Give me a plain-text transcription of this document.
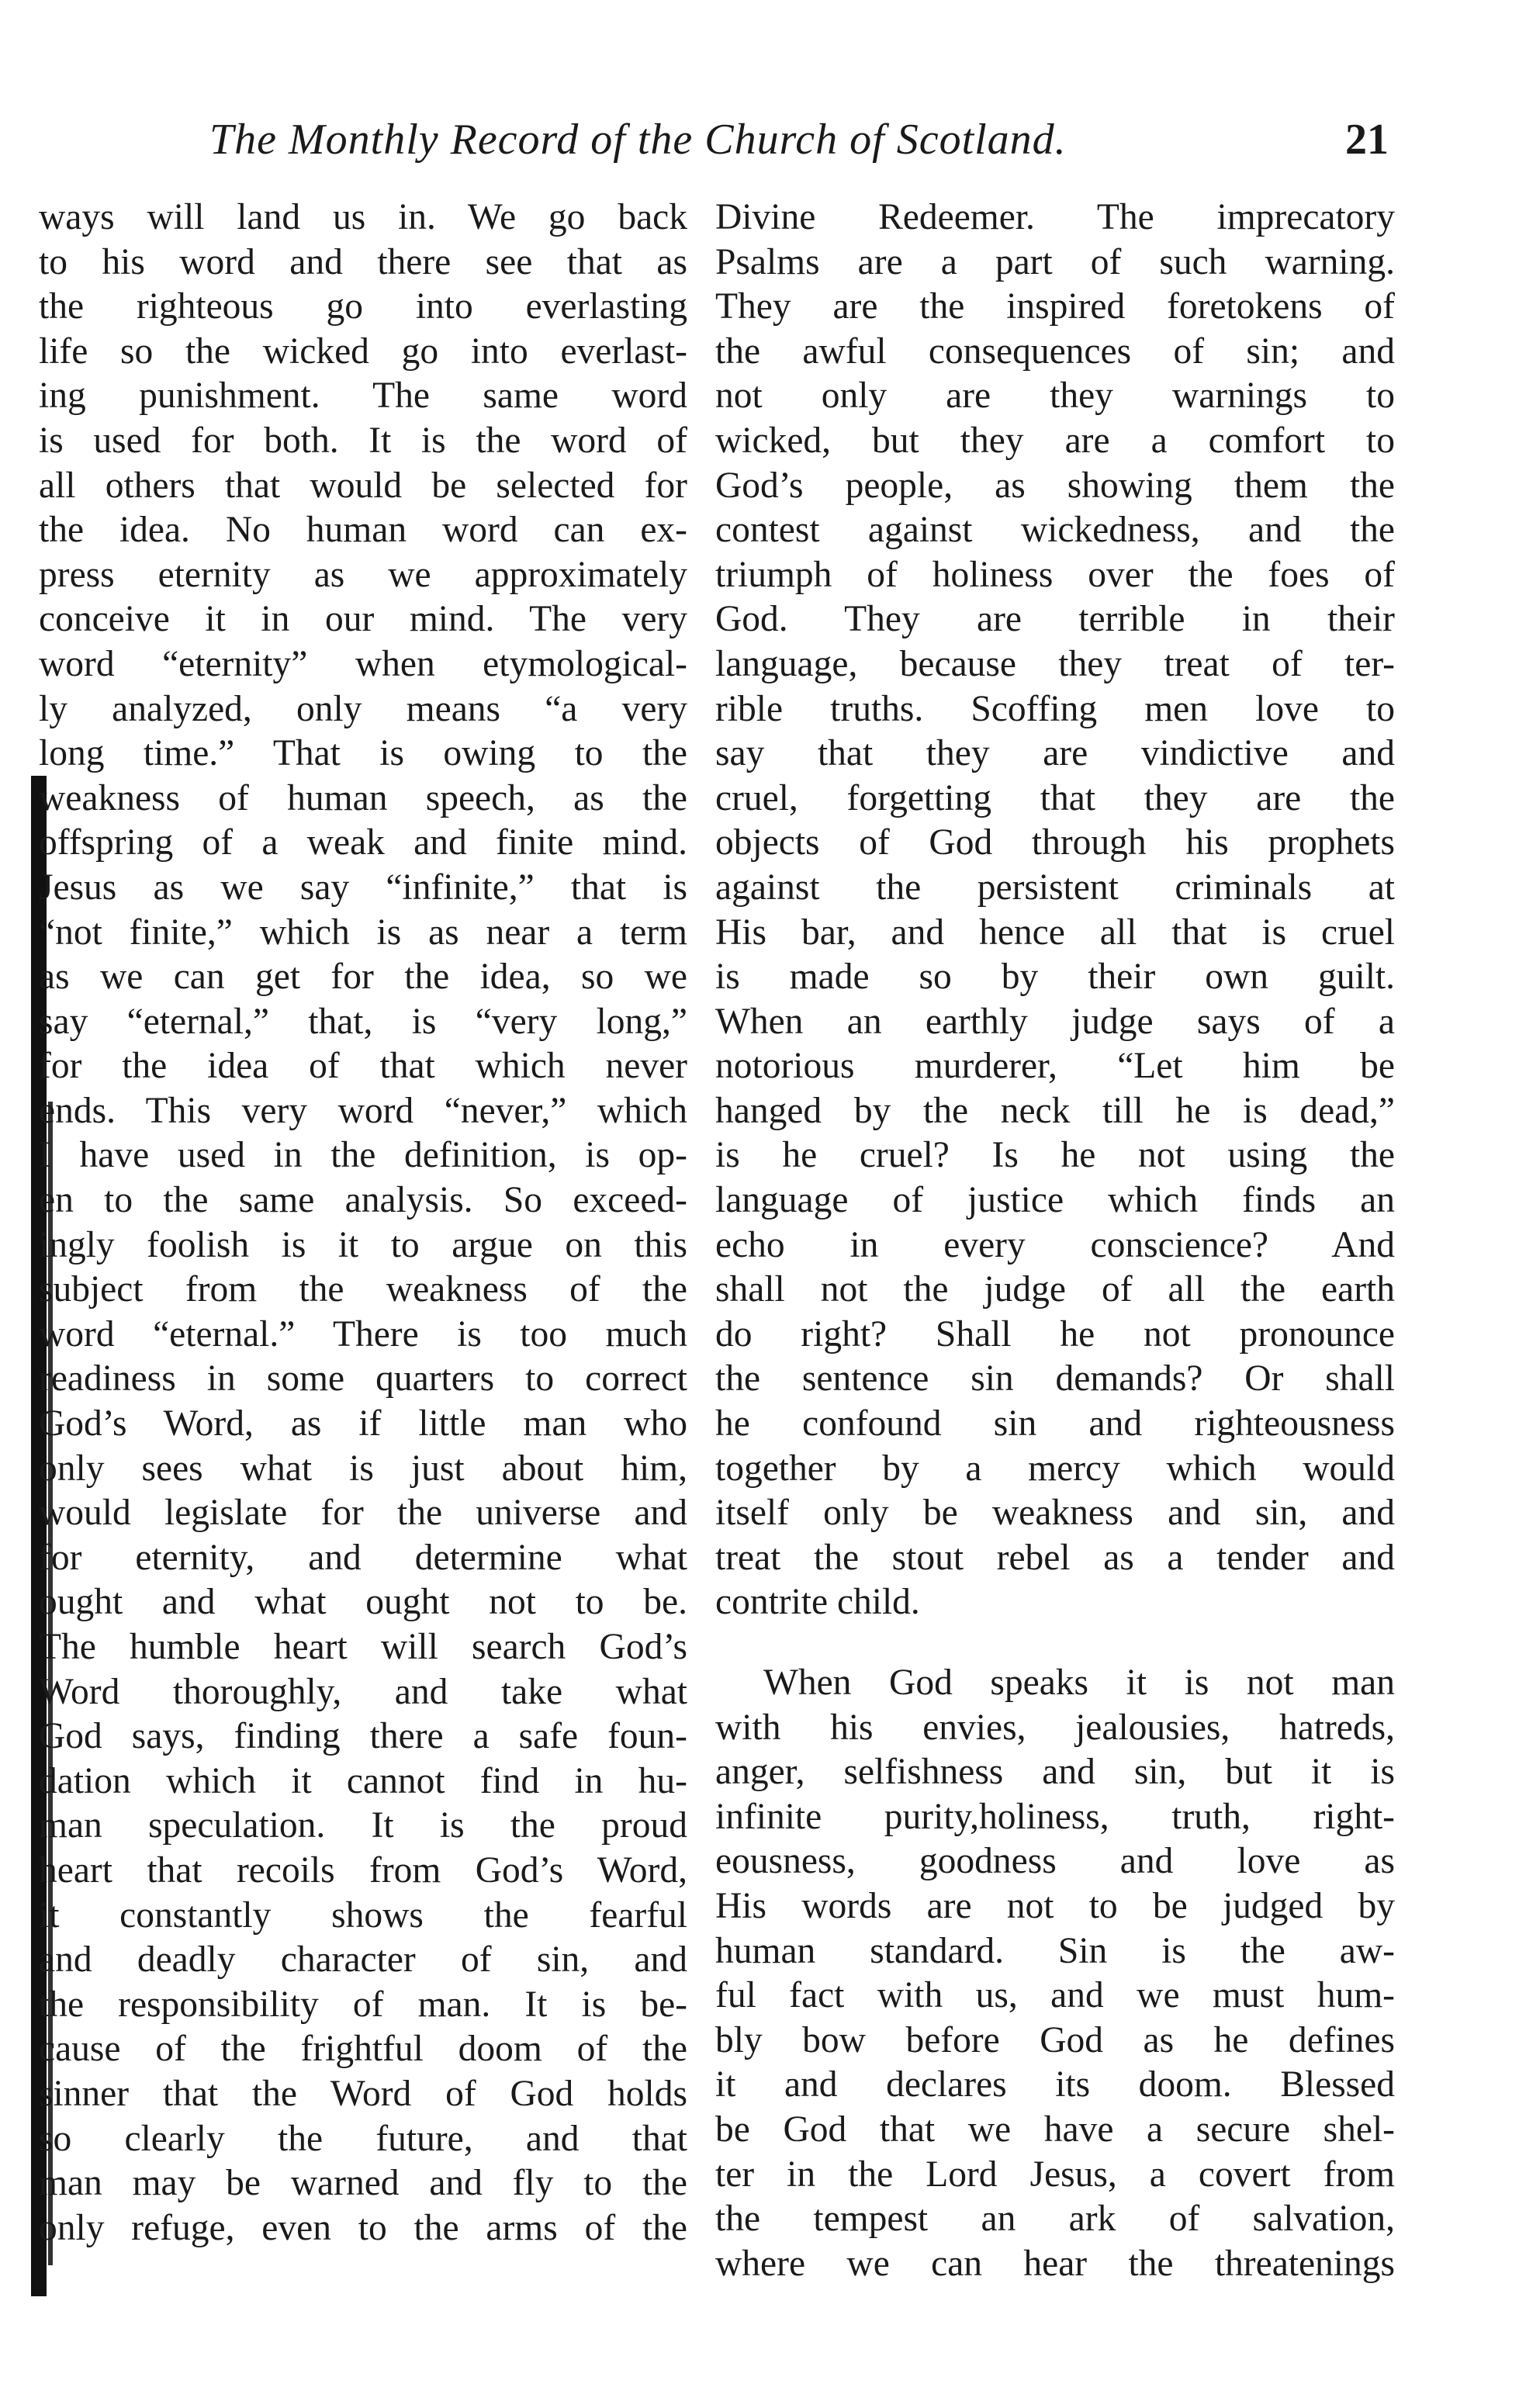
The Monthly Record of the Church of Scotland.	21
ways will land us in. We go back
to his word and there see that as
the righteous go into everlasting
life so the wicked go into everlast-
ing punishment. The same word
is used for both. It is the word of
all others that would be selected for
the idea. No human word can ex-
press eternity as we approximately
conceive it in our mind. The very
word “eternity” when etymological-
ly analyzed, only means “a very
long time.” That is owing to the
weakness of human speech, as the
offspring of a weak and finite mind.
Jesus as we say “infinite,” that is
“not finite,” which is as near a term
as we can get for the idea, so we
say “eternal,” that, is “very long,”
for the idea of that which never
ends. This very word “never,” which
I have used in the definition, is op-
en to the same analysis. So exceed-
ingly foolish is it to argue on this
subject from the weakness of the
word “eternal.” There is too much
readiness in some quarters to correct
God’s Word, as if little man who
only sees what is just about him,
would legislate for the universe and
for eternity, and determine what
ought and what ought not to be.
The humble heart will search God’s
Word thoroughly, and take what
God says, finding there a safe foun-
dation which it cannot find in hu-
man speculation. It is the proud
heart that recoils from God’s Word,
it constantly shows the fearful
and deadly character of sin, and
the responsibility of man. It is be-
cause of the frightful doom of the
sinner that the Word of God holds
so clearly the future, and that
man may be warned and fly to the
only refuge, even to the arms of the
Divine Redeemer. The imprecatory
Psalms are a part of such warning.
They are the inspired foretokens of
the awful consequences of sin; and
not only are they warnings to
wicked, but they are a comfort to
God’s people, as showing them the
contest against wickedness, and the
triumph of holiness over the foes of
God. They are terrible in their
language, because they treat of ter-
rible truths. Scoffing men love to
say that they are vindictive and
cruel, forgetting that they are the
objects of God through his prophets
against the persistent criminals at
His bar, and hence all that is cruel
is made so by their own guilt.
When an earthly judge says of a
notorious murderer, “Let him be
hanged by the neck till he is dead,”
is he cruel? Is he not using the
language of justice which finds an
echo in every conscience? And
shall not the judge of all the earth
do right? Shall he not pronounce
the sentence sin demands? Or shall
he confound sin and righteousness
together by a mercy which would
itself only be weakness and sin, and
treat the stout rebel as a tender and
contrite child.
When God speaks it is not man
with his envies, jealousies, hatreds,
anger, selfishness and sin, but it is
infinite purity,holiness, truth, right-
eousness, goodness and love as
His words are not to be judged by
human standard. Sin is the aw-
ful fact with us, and we must hum-
bly bow before God as he defines
it and declares its doom. Blessed
be God that we have a secure shel-
ter in the Lord Jesus, a covert from
the tempest an ark of salvation,
where we can hear the threatenings
